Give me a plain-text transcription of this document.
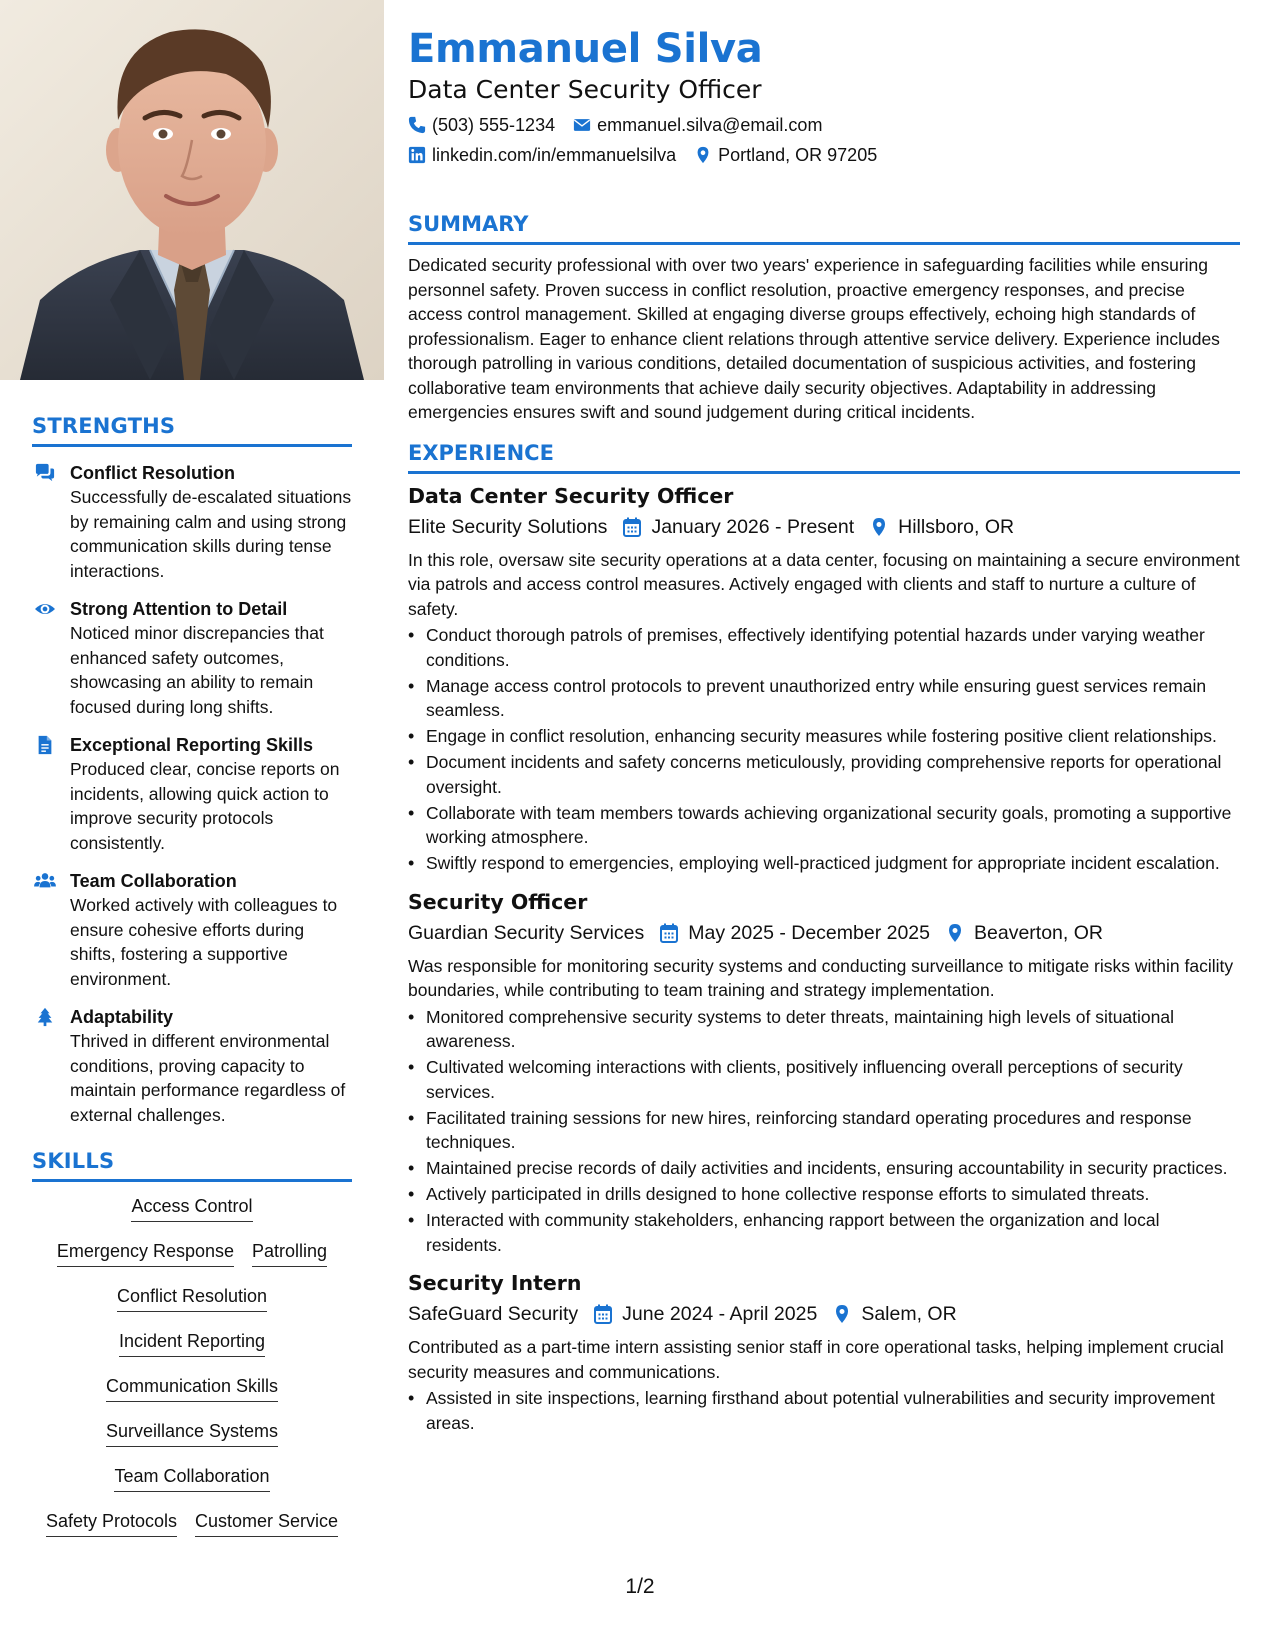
STRENGTHS
Conflict Resolution
Successfully de-escalated situations by remaining calm and using strong communication skills during tense interactions.
Strong Attention to Detail
Noticed minor discrepancies that enhanced safety outcomes, showcasing an ability to remain focused during long shifts.
Exceptional Reporting Skills
Produced clear, concise reports on incidents, allowing quick action to improve security protocols consistently.
Team Collaboration
Worked actively with colleagues to ensure cohesive efforts during shifts, fostering a supportive environment.
Adaptability
Thrived in different environmental conditions, proving capacity to maintain performance regardless of external challenges.
SKILLS
Access Control
Emergency Response Patrolling
Conflict Resolution
Incident Reporting
Communication Skills
Surveillance Systems
Team Collaboration
Safety Protocols Customer Service
Emmanuel Silva
Data Center Security Officer
(503) 555-1234 emmanuel.silva@email.com
linkedin.com/in/emmanuelsilva Portland, OR 97205
SUMMARY
Dedicated security professional with over two years' experience in safeguarding facilities while ensuring personnel safety. Proven success in conflict resolution, proactive emergency responses, and precise access control management. Skilled at engaging diverse groups effectively, echoing high standards of professionalism. Eager to enhance client relations through attentive service delivery. Experience includes thorough patrolling in various conditions, detailed documentation of suspicious activities, and fostering collaborative team environments that achieve daily security objectives. Adaptability in addressing emergencies ensures swift and sound judgement during critical incidents.
EXPERIENCE
Data Center Security Officer
Elite Security Solutions January 2026 - Present Hillsboro, OR
In this role, oversaw site security operations at a data center, focusing on maintaining a secure environment via patrols and access control measures. Actively engaged with clients and staff to nurture a culture of safety.
• Conduct thorough patrols of premises, effectively identifying potential hazards under varying weather conditions.
• Manage access control protocols to prevent unauthorized entry while ensuring guest services remain seamless.
• Engage in conflict resolution, enhancing security measures while fostering positive client relationships.
• Document incidents and safety concerns meticulously, providing comprehensive reports for operational oversight.
• Collaborate with team members towards achieving organizational security goals, promoting a supportive working atmosphere.
• Swiftly respond to emergencies, employing well-practiced judgment for appropriate incident escalation.
Security Officer
Guardian Security Services May 2025 - December 2025 Beaverton, OR
Was responsible for monitoring security systems and conducting surveillance to mitigate risks within facility boundaries, while contributing to team training and strategy implementation.
• Monitored comprehensive security systems to deter threats, maintaining high levels of situational awareness.
• Cultivated welcoming interactions with clients, positively influencing overall perceptions of security services.
• Facilitated training sessions for new hires, reinforcing standard operating procedures and response techniques.
• Maintained precise records of daily activities and incidents, ensuring accountability in security practices.
• Actively participated in drills designed to hone collective response efforts to simulated threats.
• Interacted with community stakeholders, enhancing rapport between the organization and local residents.
Security Intern
SafeGuard Security June 2024 - April 2025 Salem, OR
Contributed as a part-time intern assisting senior staff in core operational tasks, helping implement crucial security measures and communications.
• Assisted in site inspections, learning firsthand about potential vulnerabilities and security improvement areas.
1/2
